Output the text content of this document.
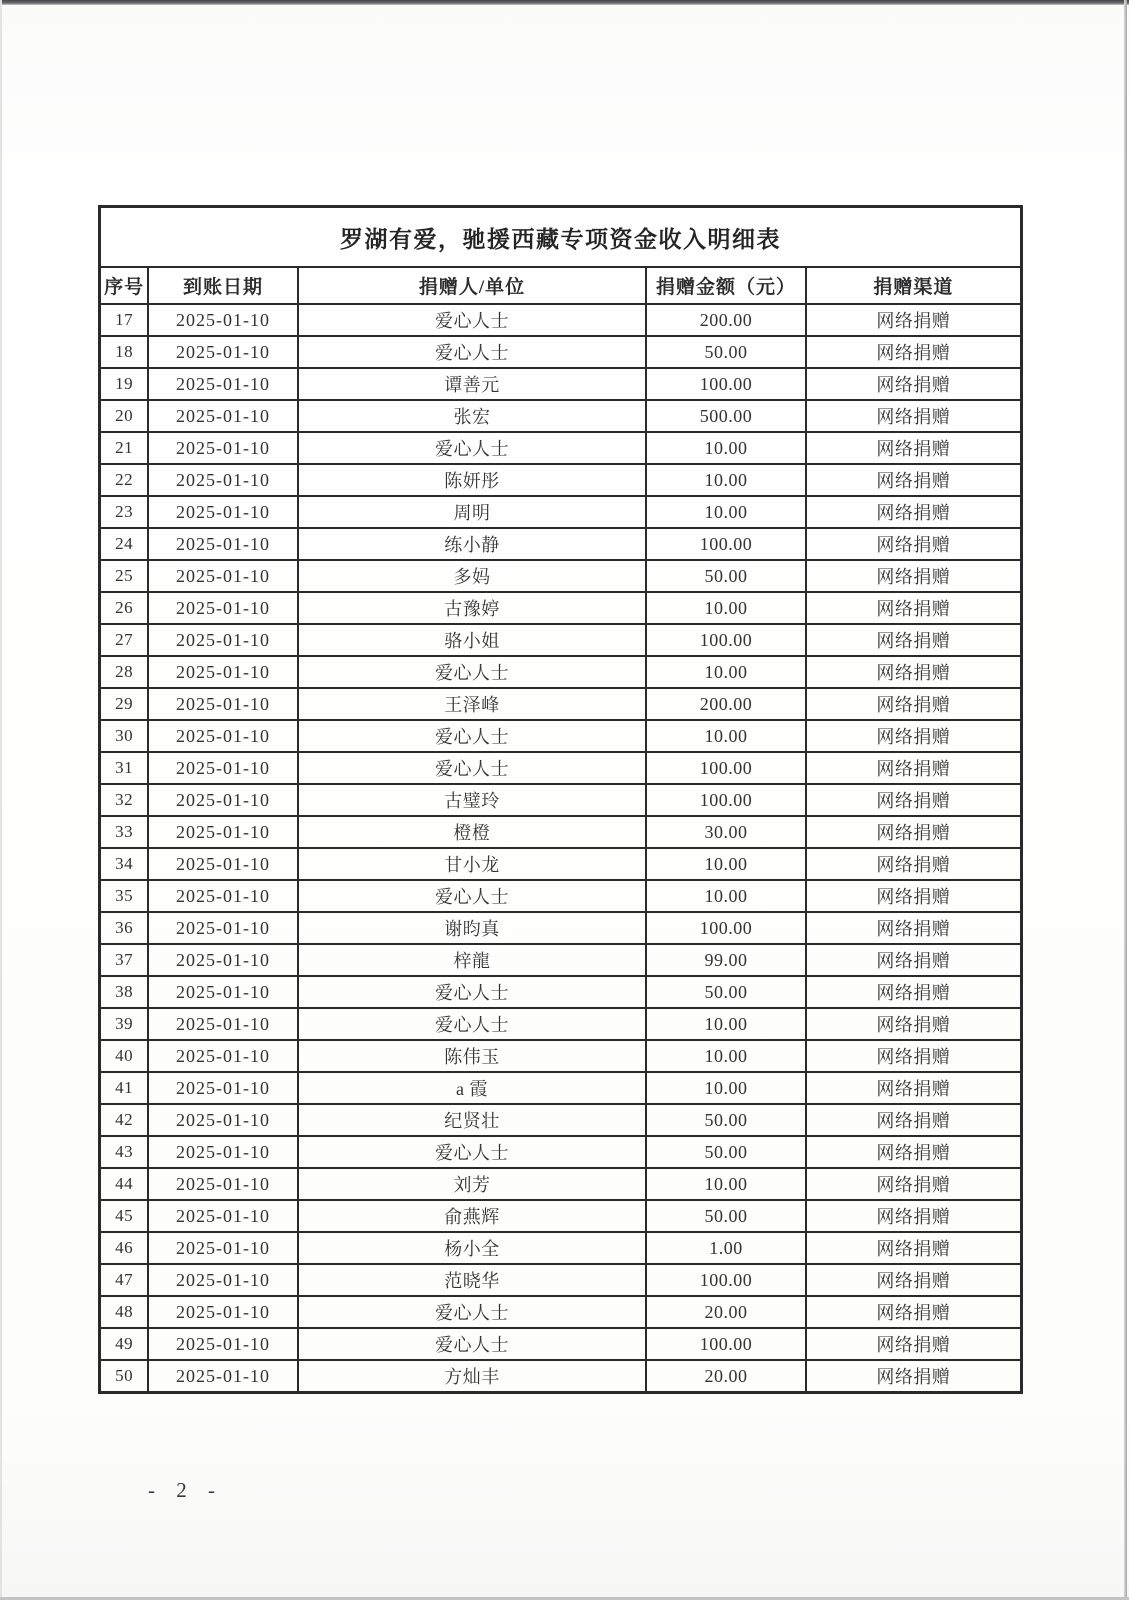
罗湖有爱，驰援西藏专项资金收入明细表				
序号	到账日期	捐赠人/单位	捐赠金额（元）	捐赠渠道
17	2025-01-10	爱心人士	200.00	网络捐赠
18	2025-01-10	爱心人士	50.00	网络捐赠
19	2025-01-10	谭善元	100.00	网络捐赠
20	2025-01-10	张宏	500.00	网络捐赠
21	2025-01-10	爱心人士	10.00	网络捐赠
22	2025-01-10	陈妍彤	10.00	网络捐赠
23	2025-01-10	周明	10.00	网络捐赠
24	2025-01-10	练小静	100.00	网络捐赠
25	2025-01-10	多妈	50.00	网络捐赠
26	2025-01-10	古豫婷	10.00	网络捐赠
27	2025-01-10	骆小姐	100.00	网络捐赠
28	2025-01-10	爱心人士	10.00	网络捐赠
29	2025-01-10	王泽峰	200.00	网络捐赠
30	2025-01-10	爱心人士	10.00	网络捐赠
31	2025-01-10	爱心人士	100.00	网络捐赠
32	2025-01-10	古璧玲	100.00	网络捐赠
33	2025-01-10	橙橙	30.00	网络捐赠
34	2025-01-10	甘小龙	10.00	网络捐赠
35	2025-01-10	爱心人士	10.00	网络捐赠
36	2025-01-10	谢昀真	100.00	网络捐赠
37	2025-01-10	梓龍	99.00	网络捐赠
38	2025-01-10	爱心人士	50.00	网络捐赠
39	2025-01-10	爱心人士	10.00	网络捐赠
40	2025-01-10	陈伟玉	10.00	网络捐赠
41	2025-01-10	a 霞	10.00	网络捐赠
42	2025-01-10	纪贤壮	50.00	网络捐赠
43	2025-01-10	爱心人士	50.00	网络捐赠
44	2025-01-10	刘芳	10.00	网络捐赠
45	2025-01-10	俞燕辉	50.00	网络捐赠
46	2025-01-10	杨小全	1.00	网络捐赠
47	2025-01-10	范晓华	100.00	网络捐赠
48	2025-01-10	爱心人士	20.00	网络捐赠
49	2025-01-10	爱心人士	100.00	网络捐赠
50	2025-01-10	方灿丰	20.00	网络捐赠
- 2 -
